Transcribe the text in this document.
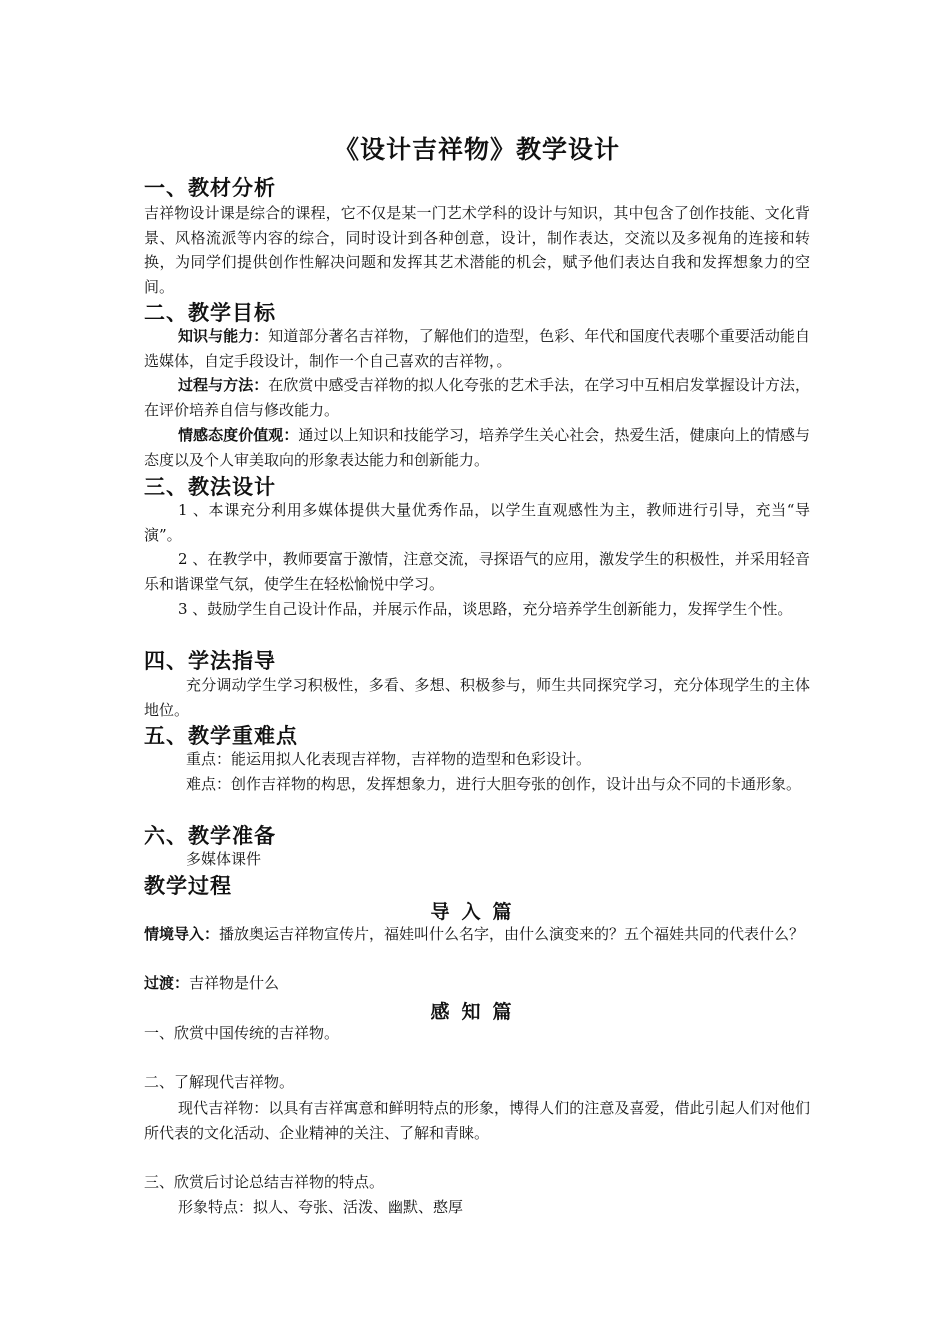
《设计吉祥物》教学设计
一、教材分析
吉祥物设计课是综合的课程，它不仅是某一门艺术学科的设计与知识，其中包含了创作技能、文化背景、风格流派等内容的综合，同时设计到各种创意，设计，制作表达，交流以及多视角的连接和转换，为同学们提供创作性解决问题和发挥其艺术潜能的机会，赋予他们表达自我和发挥想象力的空间。
二、教学目标
知识与能力：知道部分著名吉祥物，了解他们的造型，色彩、年代和国度代表哪个重要活动能自选媒体，自定手段设计，制作一个自己喜欢的吉祥物，。
过程与方法：在欣赏中感受吉祥物的拟人化夸张的艺术手法，在学习中互相启发掌握设计方法，在评价培养自信与修改能力。
情感态度价值观：通过以上知识和技能学习，培养学生关心社会，热爱生活，健康向上的情感与态度以及个人审美取向的形象表达能力和创新能力。
三、教法设计
1 、本课充分利用多媒体提供大量优秀作品，以学生直观感性为主，教师进行引导，充当“导演”。
2 、在教学中，教师要富于激情，注意交流，寻探语气的应用，激发学生的积极性，并采用轻音乐和谐课堂气氛，使学生在轻松愉悦中学习。
3 、鼓励学生自己设计作品，并展示作品，谈思路，充分培养学生创新能力，发挥学生个性。
四、学法指导
充分调动学生学习积极性，多看、多想、积极参与，师生共同探究学习，充分体现学生的主体地位。
五、教学重难点
重点：能运用拟人化表现吉祥物，吉祥物的造型和色彩设计。
难点：创作吉祥物的构思，发挥想象力，进行大胆夸张的创作，设计出与众不同的卡通形象。
六、教学准备
多媒体课件
教学过程
导入篇
情境导入：播放奥运吉祥物宣传片，福娃叫什么名字，由什么演变来的？五个福娃共同的代表什么？
过渡：吉祥物是什么
感知篇
一、欣赏中国传统的吉祥物。
二、了解现代吉祥物。
现代吉祥物：以具有吉祥寓意和鲜明特点的形象，博得人们的注意及喜爱，借此引起人们对他们所代表的文化活动、企业精神的关注、了解和青睐。
三、欣赏后讨论总结吉祥物的特点。
形象特点：拟人、夸张、活泼、幽默、憨厚
